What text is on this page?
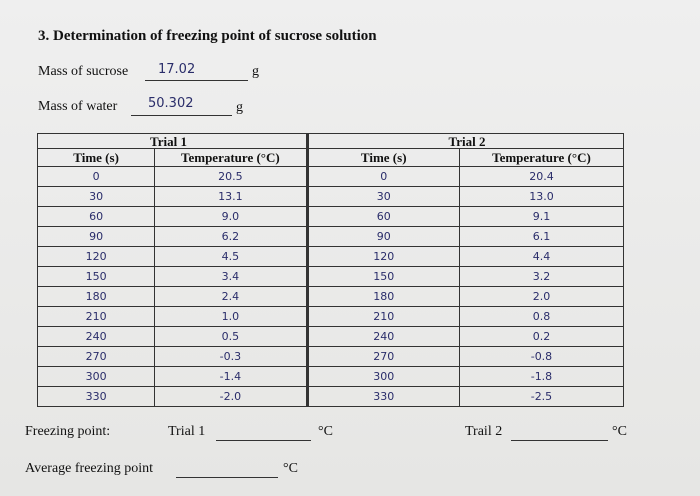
3. Determination of freezing point of sucrose solution
Mass of sucrose 17.02	g
Mass of water 50.302	g
Trial 1		Trial 2	
Time (s)	Temperature (°C)	Time (s)	Temperature (°C)
0	20.5	0	20.4
30	13.1	30	13.0
60	9.0	60	9.1
90	6.2	90	6.1
120	4.5	120	4.4
150	3.4	150	3.2
180	2.4	180	2.0
210	1.0	210	0.8
240	0.5	240	0.2
270	-0.3	270	-0.8
300	-1.4	300	-1.8
330	-2.0	330	-2.5
Freezing point:	Trial 1	°C	Trail 2	°C
Average freezing point	°C
